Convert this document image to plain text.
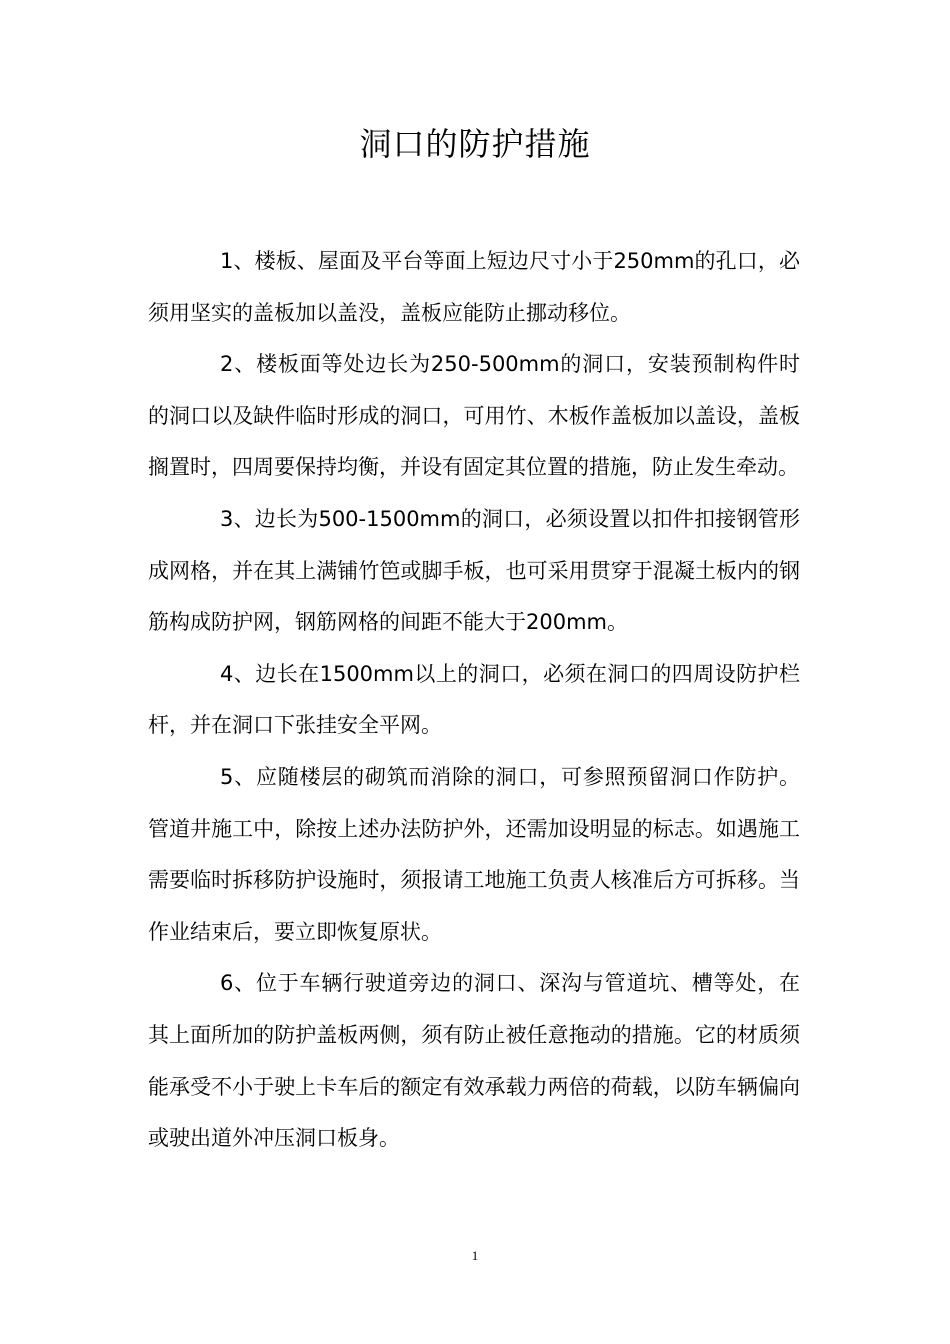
洞口的防护措施

1、楼板、屋面及平台等面上短边尺寸小于250mm的孔口，必须用坚实的盖板加以盖没，盖板应能防止挪动移位。

2、楼板面等处边长为250-500mm的洞口，安装预制构件时的洞口以及缺件临时形成的洞口，可用竹、木板作盖板加以盖设，盖板搁置时，四周要保持均衡，并设有固定其位置的措施，防止发生牵动。

3、边长为500-1500mm的洞口，必须设置以扣件扣接钢管形成网格，并在其上满铺竹笆或脚手板，也可采用贯穿于混凝土板内的钢筋构成防护网，钢筋网格的间距不能大于200mm。

4、边长在1500mm以上的洞口，必须在洞口的四周设防护栏杆，并在洞口下张挂安全平网。

5、应随楼层的砌筑而消除的洞口，可参照预留洞口作防护。管道井施工中，除按上述办法防护外，还需加设明显的标志。如遇施工需要临时拆移防护设施时，须报请工地施工负责人核准后方可拆移。当作业结束后，要立即恢复原状。

6、位于车辆行驶道旁边的洞口、深沟与管道坑、槽等处，在其上面所加的防护盖板两侧，须有防止被任意拖动的措施。它的材质须能承受不小于驶上卡车后的额定有效承载力两倍的荷载，以防车辆偏向或驶出道外冲压洞口板身。

1
